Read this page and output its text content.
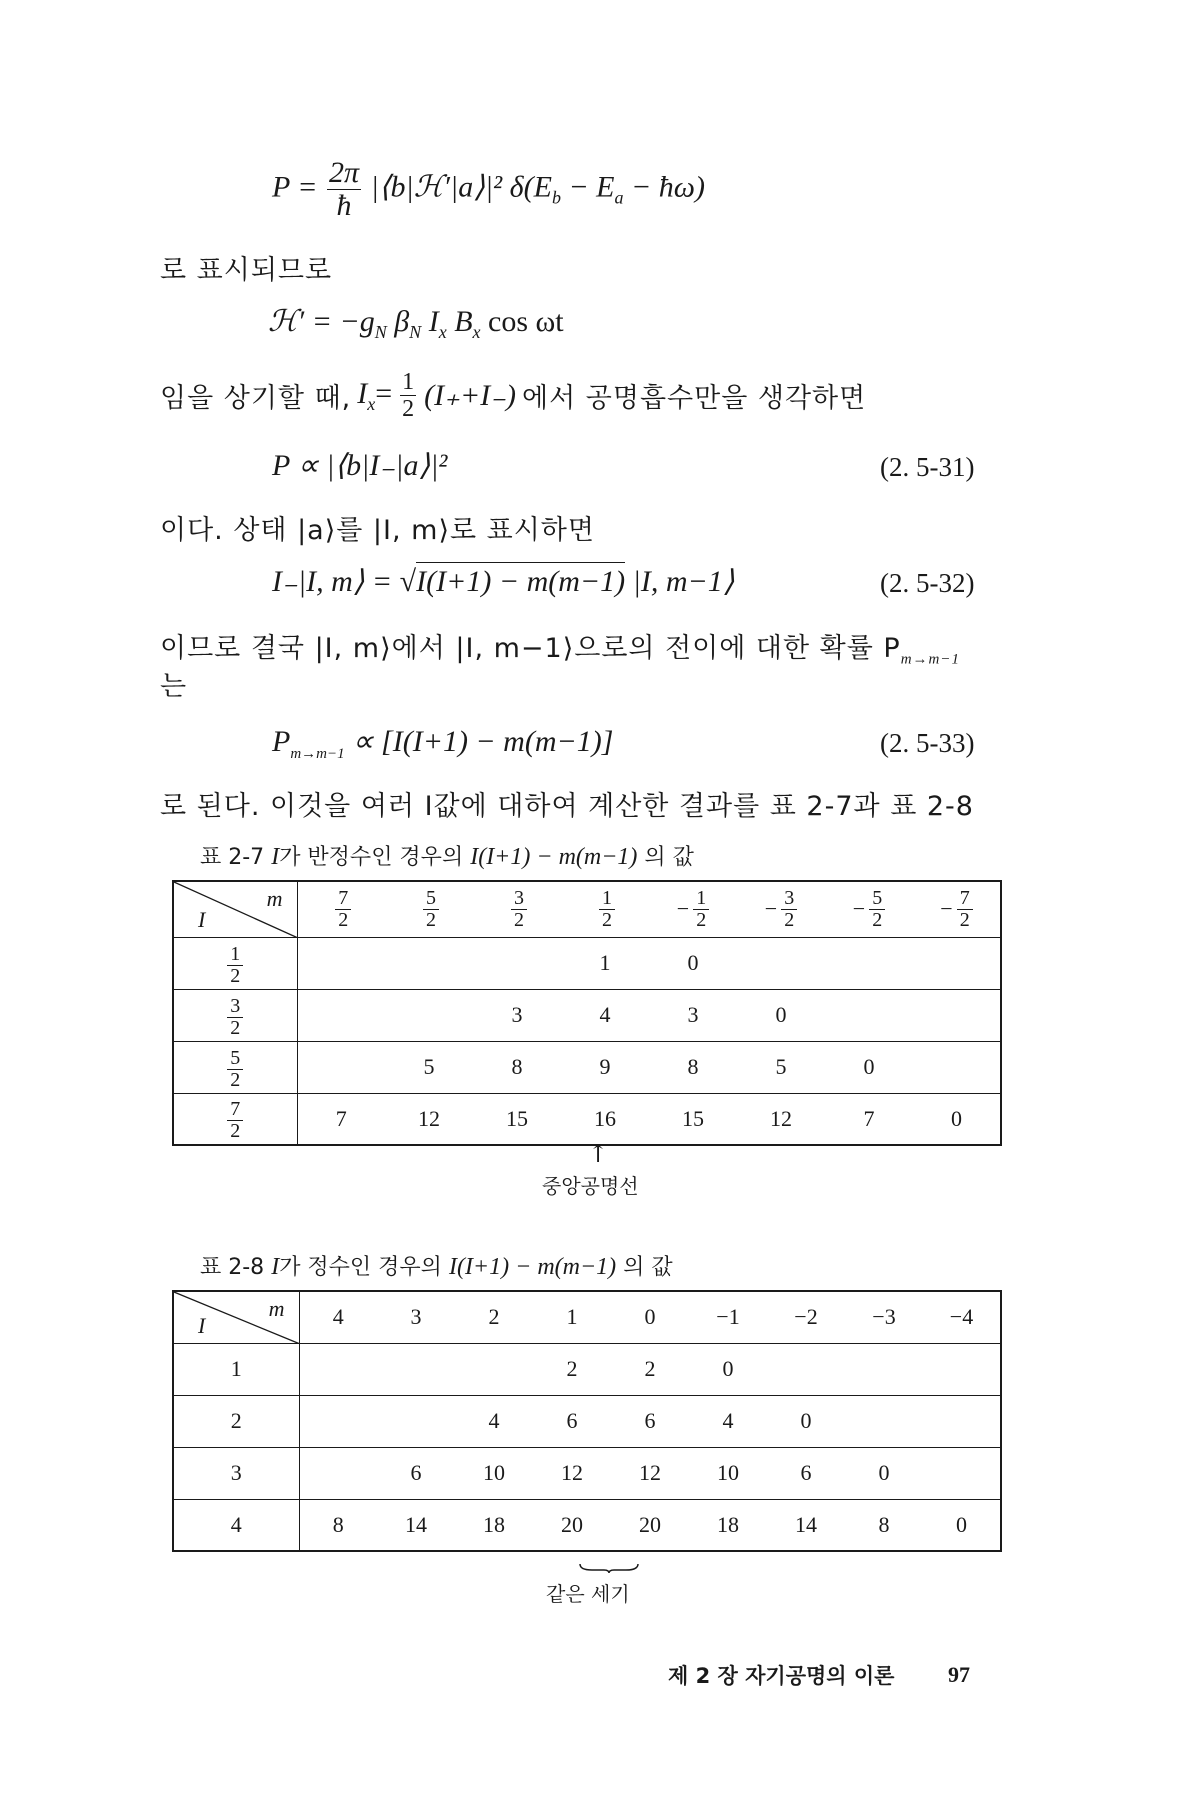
$P = \frac{2\pi}{ħ}$ |⟨b|ℋ′|a⟩|² $\delta(E_b - E_a$ − ħω)
로 표시되므로
ℋ′ = $-g_N$ $\beta_N$ $I_x$ $B_x$ cos ωt
임을 상기할 때, $I_x= \frac{1}{2} (I_++I_-)$ 에서 공명흡수만을 생각하면
P ∝ |⟨b|I₋|a⟩|²	(2. 5-31)
이다. 상태 |a⟩를 |I, m⟩로 표시하면
I₋|I, m⟩ = √I(I+1) − m(m−1) |I, m−1⟩	(2. 5-32)
이므로 결국 |I, m⟩에서 |I, m−1⟩으로의 전이에 대한 확률 $P_{m\to m-1}$
는
$P_{m\to m-1} \propto [I(I+1) - m(m-1)]$	(2. 5-33)
로 된다. 이것을 여러 I값에 대하여 계산한 결과를 표 2-7과 표 2-8
표 2-7 I가 반정수인 경우의 I(I+1) − m(m−1) 의 값
m
I	$\frac{7}{2}$	$\frac{5}{2}$	$\frac{3}{2}$	$\frac{1}{2}$	− $\frac{1}{2}$	− $\frac{3}{2}$	− $\frac{5}{2}$	− $\frac{7}{2}$

$\frac{1}{2}$				1	0			

$\frac{3}{2}$			3	4	3	0		

$\frac{5}{2}$		5	8	9	8	5	0	

$\frac{7}{2}$	7	12	15	16	15	12	7	0
↑
중앙공명선
표 2-8 I가 정수인 경우의 I(I+1) − m(m−1) 의 값
m
I	4	3	2	1	0	−1	−2	−3	−4
1				2	2	0			
2			4	6	6	4	0		
3		6	10	12	12	10	6	0	
4	8	14	18	20	20	18	14	8	0
같은 세기
제 2 장 자기공명의 이론 97
